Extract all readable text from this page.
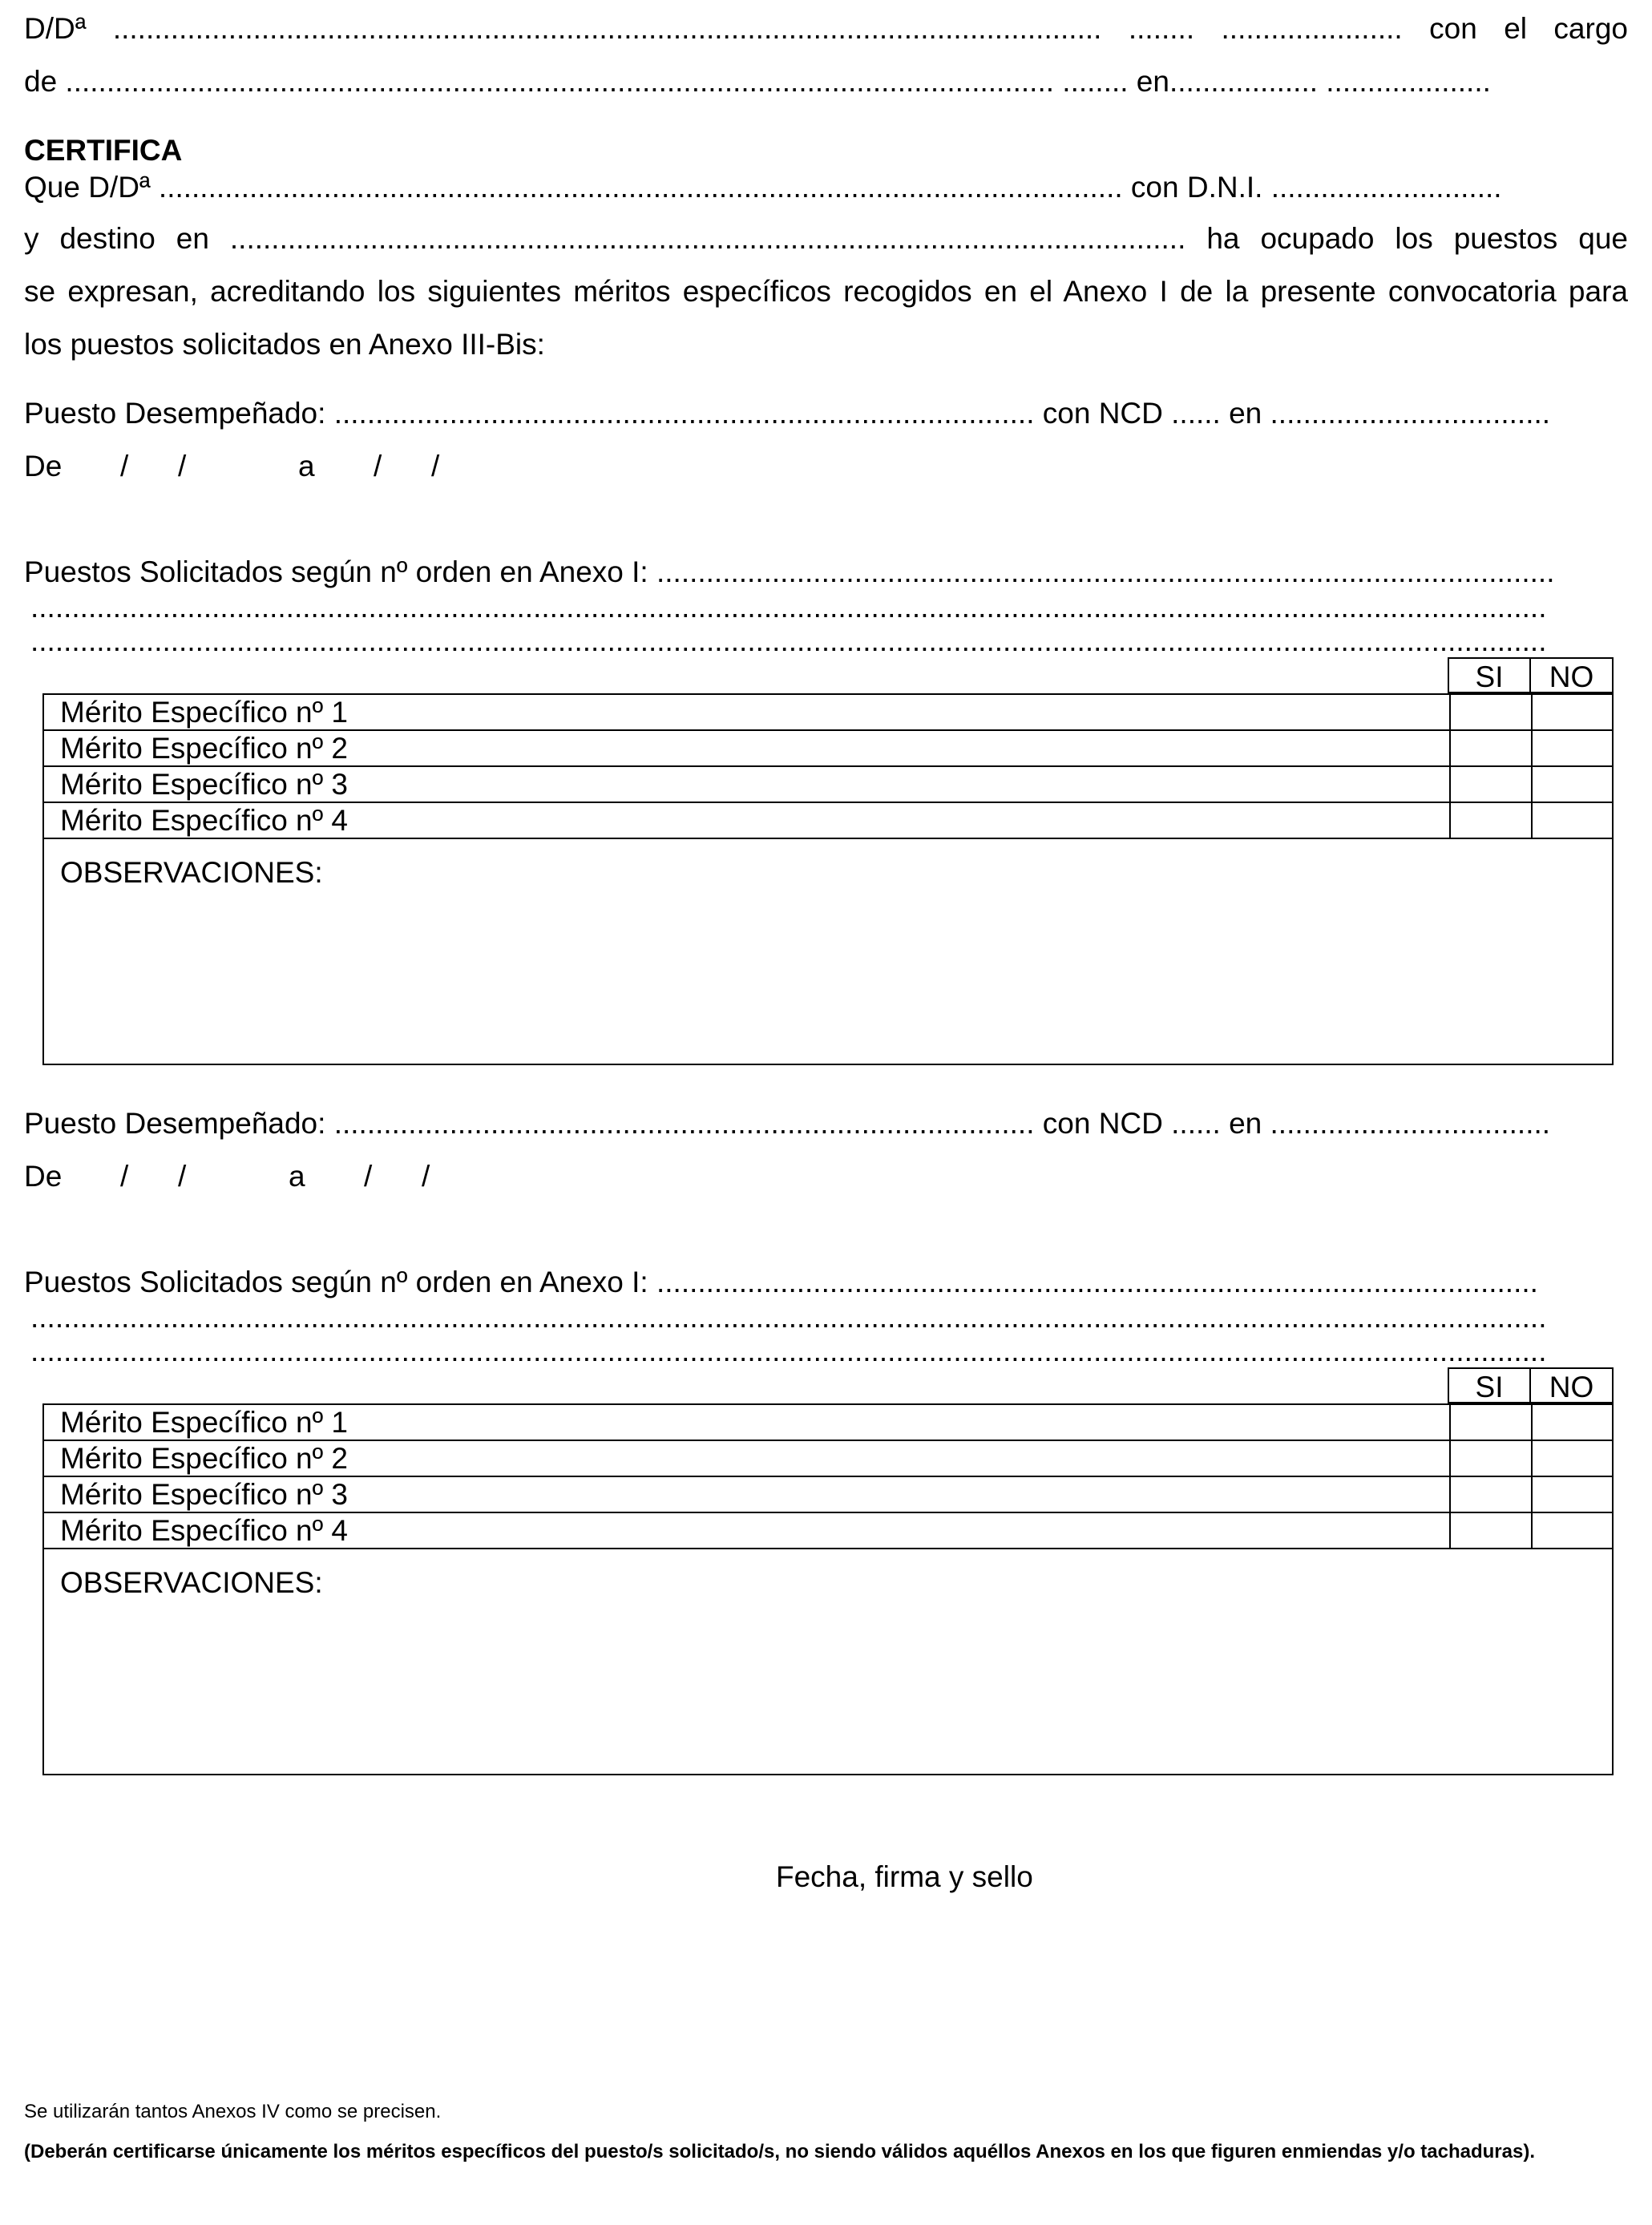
D/Dª ........................................................................................................................ ........ ...................... con el cargo
de ........................................................................................................................ ........ en.................. ....................
CERTIFICA
Que D/Dª ..................................................................................................................... con D.N.I. ............................
y destino en .................................................................................................................... ha ocupado los puestos que
se expresan, acreditando los siguientes méritos específicos recogidos en el Anexo I de la presente convocatoria para
los puestos solicitados en Anexo III-Bis:
Puesto Desempeñado: ..................................................................................... con NCD ...... en ..................................
De / /	a / /
Puestos Solicitados según nº orden en Anexo I: .............................................................................................................
........................................................................................................................................................................................
........................................................................................................................................................................................
SI	NO
Mérito Específico nº 1
Mérito Específico nº 2
Mérito Específico nº 3
Mérito Específico nº 4
OBSERVACIONES:
Puesto Desempeñado: ..................................................................................... con NCD ...... en ..................................
De / /	a / /
Puestos Solicitados según nº orden en Anexo I: ...........................................................................................................
........................................................................................................................................................................................
........................................................................................................................................................................................
SI	NO
Mérito Específico nº 1
Mérito Específico nº 2
Mérito Específico nº 3
Mérito Específico nº 4
OBSERVACIONES:
Fecha, firma y sello
Se utilizarán tantos Anexos IV como se precisen.
(Deberán certificarse únicamente los méritos específicos del puesto/s solicitado/s, no siendo válidos aquéllos Anexos en los que figuren enmiendas y/o tachaduras).
